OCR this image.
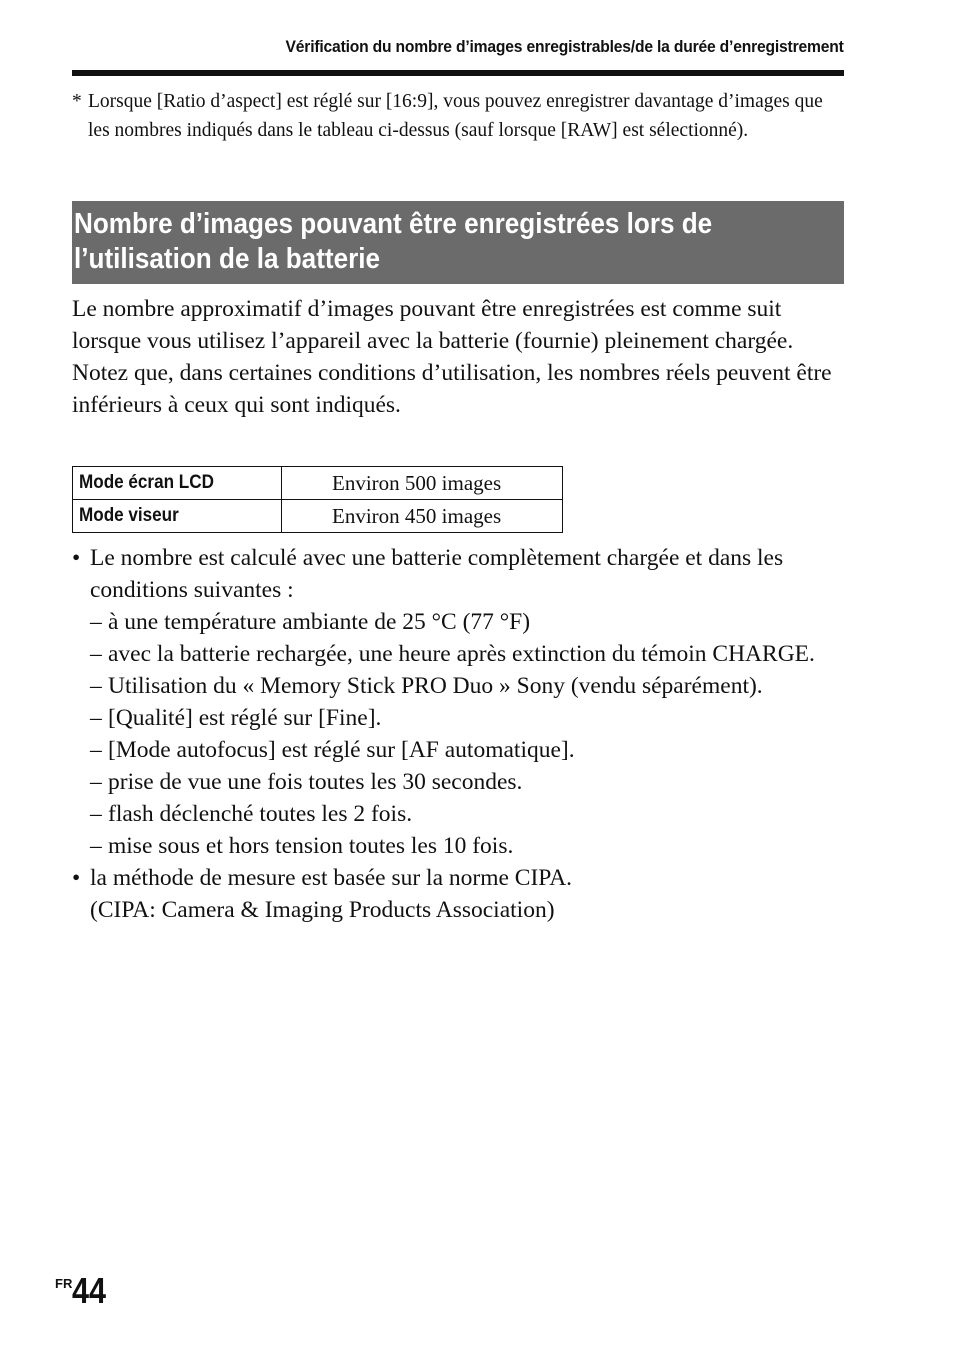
Vérification du nombre d’images enregistrables/de la durée d’enregistrement
* Lorsque [Ratio d’aspect] est réglé sur [16:9], vous pouvez enregistrer davantage d’images que les nombres indiqués dans le tableau ci-dessus (sauf lorsque [RAW] est sélectionné).
Nombre d’images pouvant être enregistrées lors de
l’utilisation de la batterie

Le nombre approximatif d’images pouvant être enregistrées est comme suit lorsque vous utilisez l’appareil avec la batterie (fournie) pleinement chargée.

Notez que, dans certaines conditions d’utilisation, les nombres réels peuvent être inférieurs à ceux qui sont indiqués.

Mode écran LCD	Environ 500 images
Mode viseur	Environ 450 images
• Le nombre est calculé avec une batterie complètement chargée et dans les conditions suivantes :
– à une température ambiante de 25 °C (77 °F)
– avec la batterie rechargée, une heure après extinction du témoin CHARGE.
– Utilisation du « Memory Stick PRO Duo » Sony (vendu séparément).
– [Qualité] est réglé sur [Fine].
– [Mode autofocus] est réglé sur [AF automatique].
– prise de vue une fois toutes les 30 secondes.
– flash déclenché toutes les 2 fois.
– mise sous et hors tension toutes les 10 fois.
• la méthode de mesure est basée sur la norme CIPA.
(CIPA: Camera & Imaging Products Association)
$^{FR}$44
